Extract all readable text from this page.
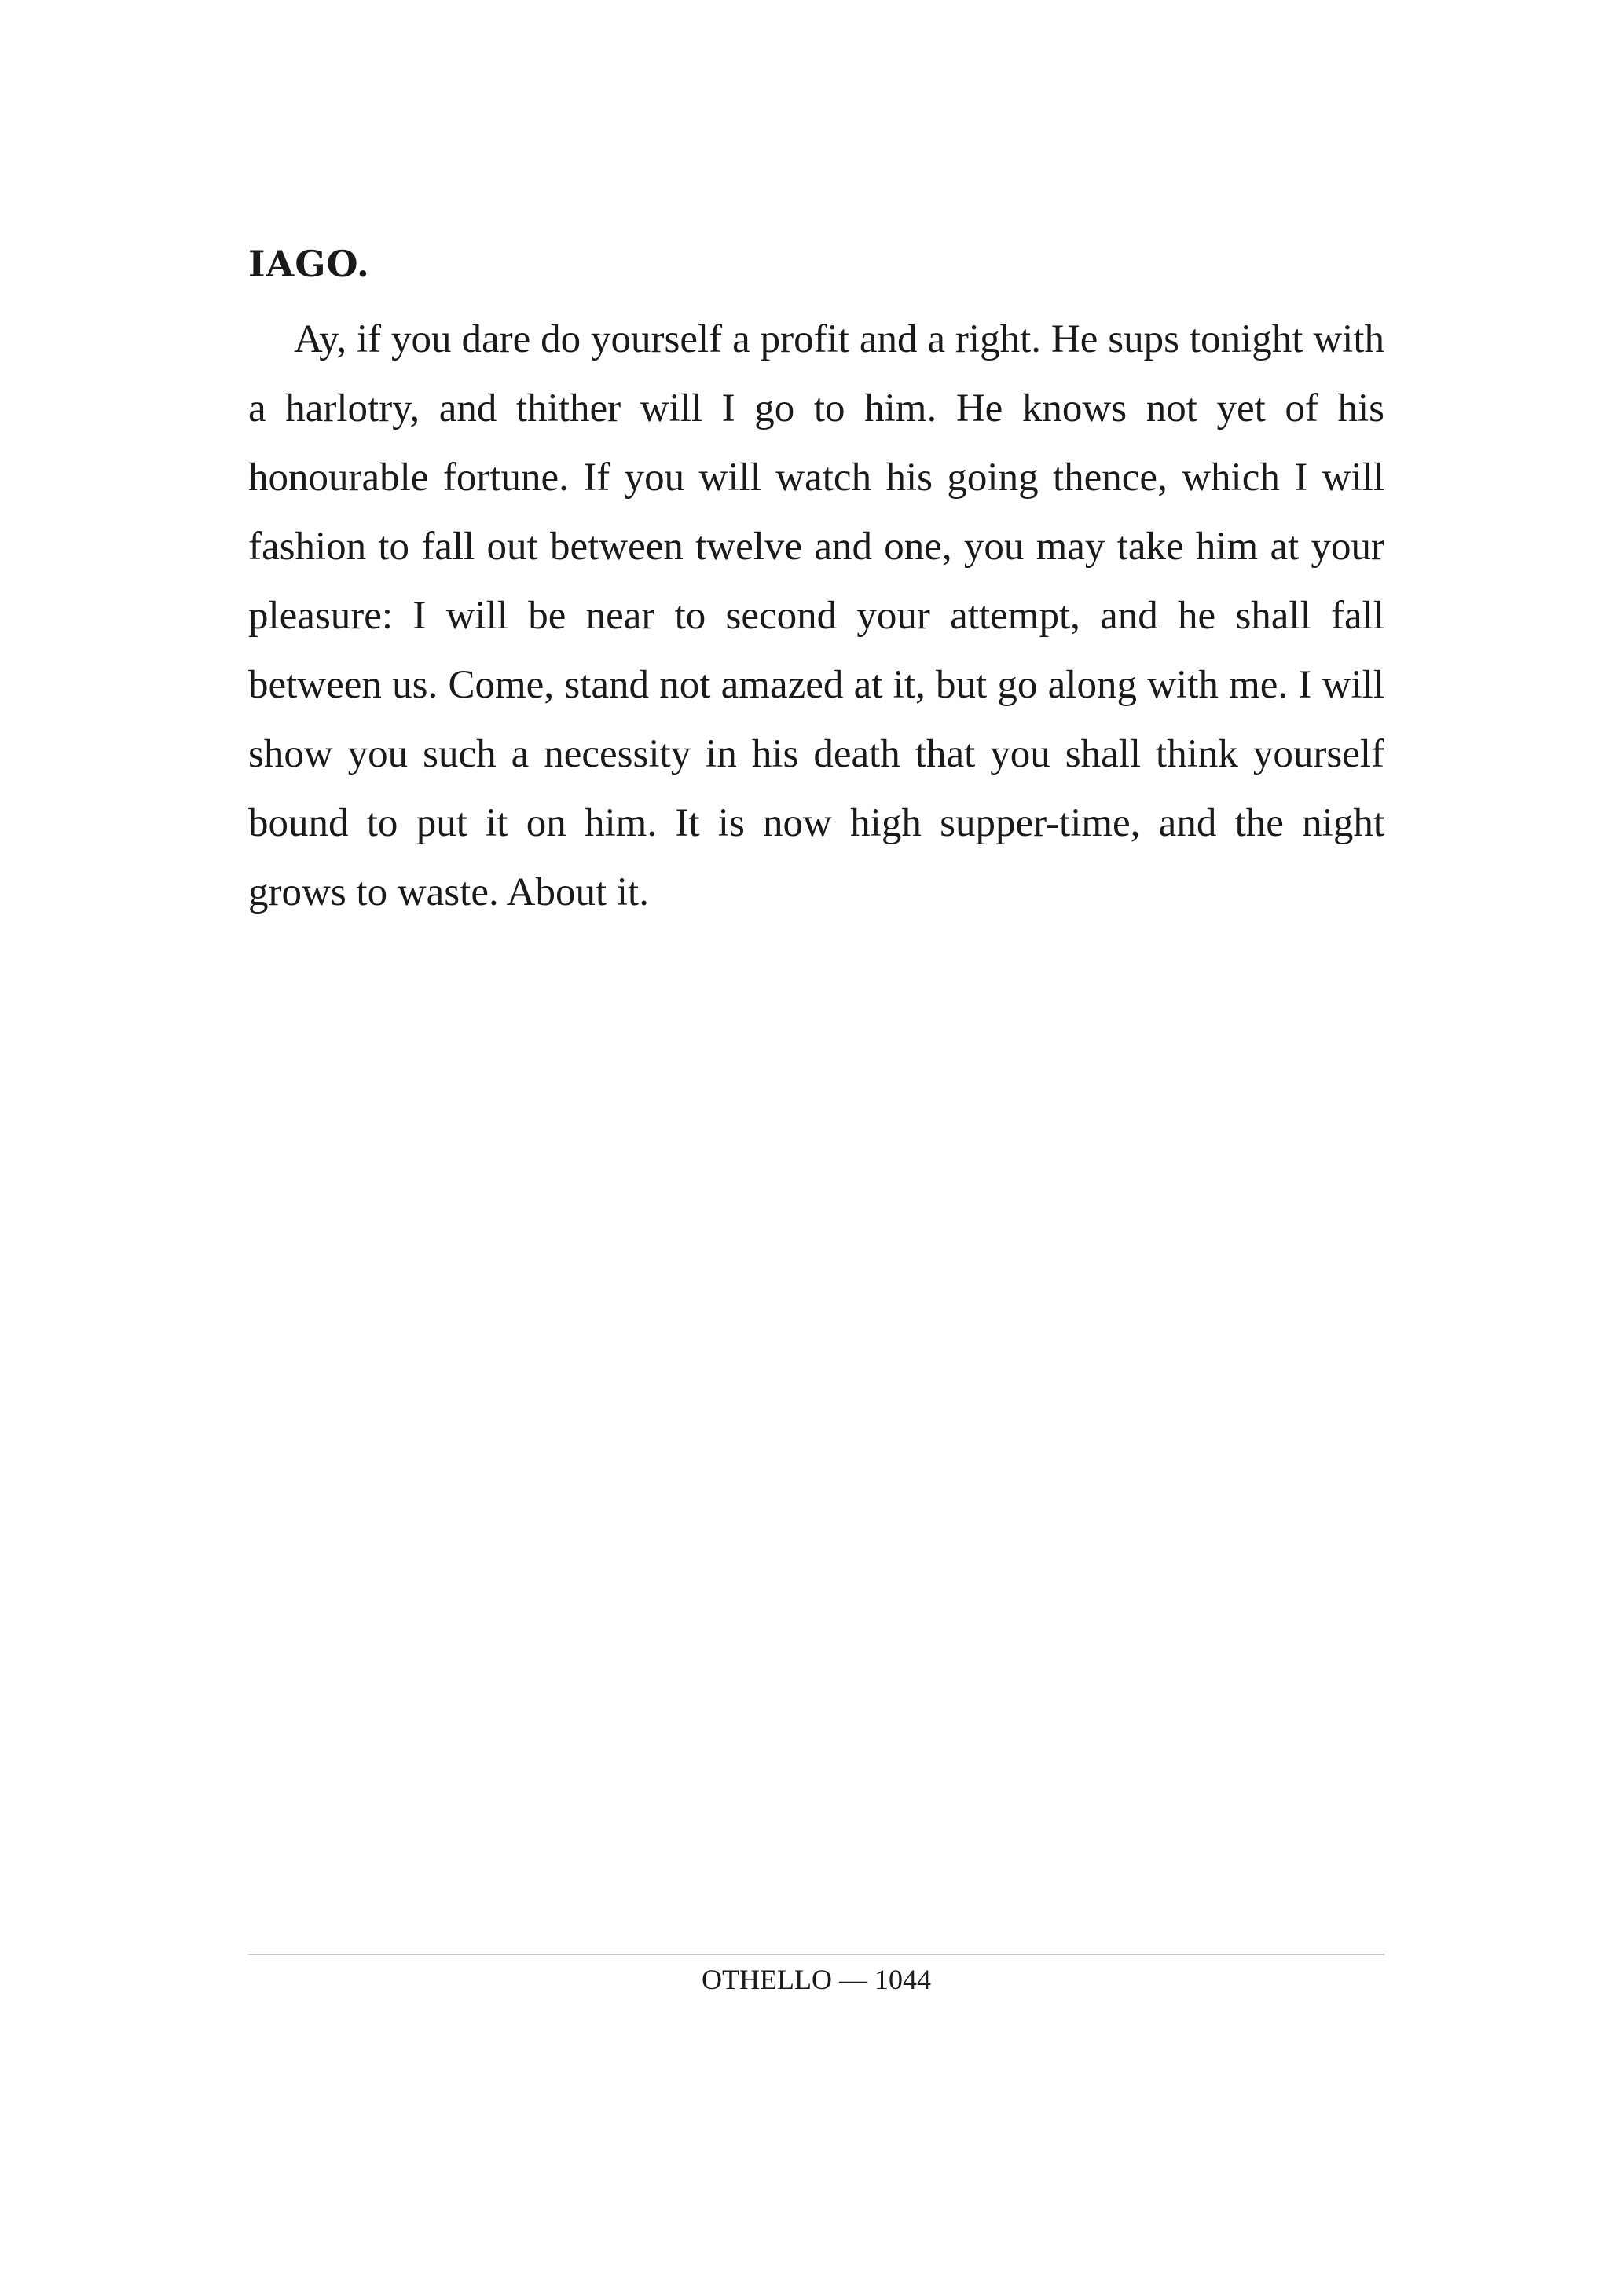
IAGO.

Ay, if you dare do yourself a profit and a right. He sups tonight with a harlotry, and thither will I go to him. He knows not yet of his honourable fortune. If you will watch his going thence, which I will fashion to fall out between twelve and one, you may take him at your pleasure: I will be near to second your attempt, and he shall fall between us. Come, stand not amazed at it, but go along with me. I will show you such a necessity in his death that you shall think yourself bound to put it on him. It is now high supper-time, and the night grows to waste. About it.

OTHELLO — 1044
